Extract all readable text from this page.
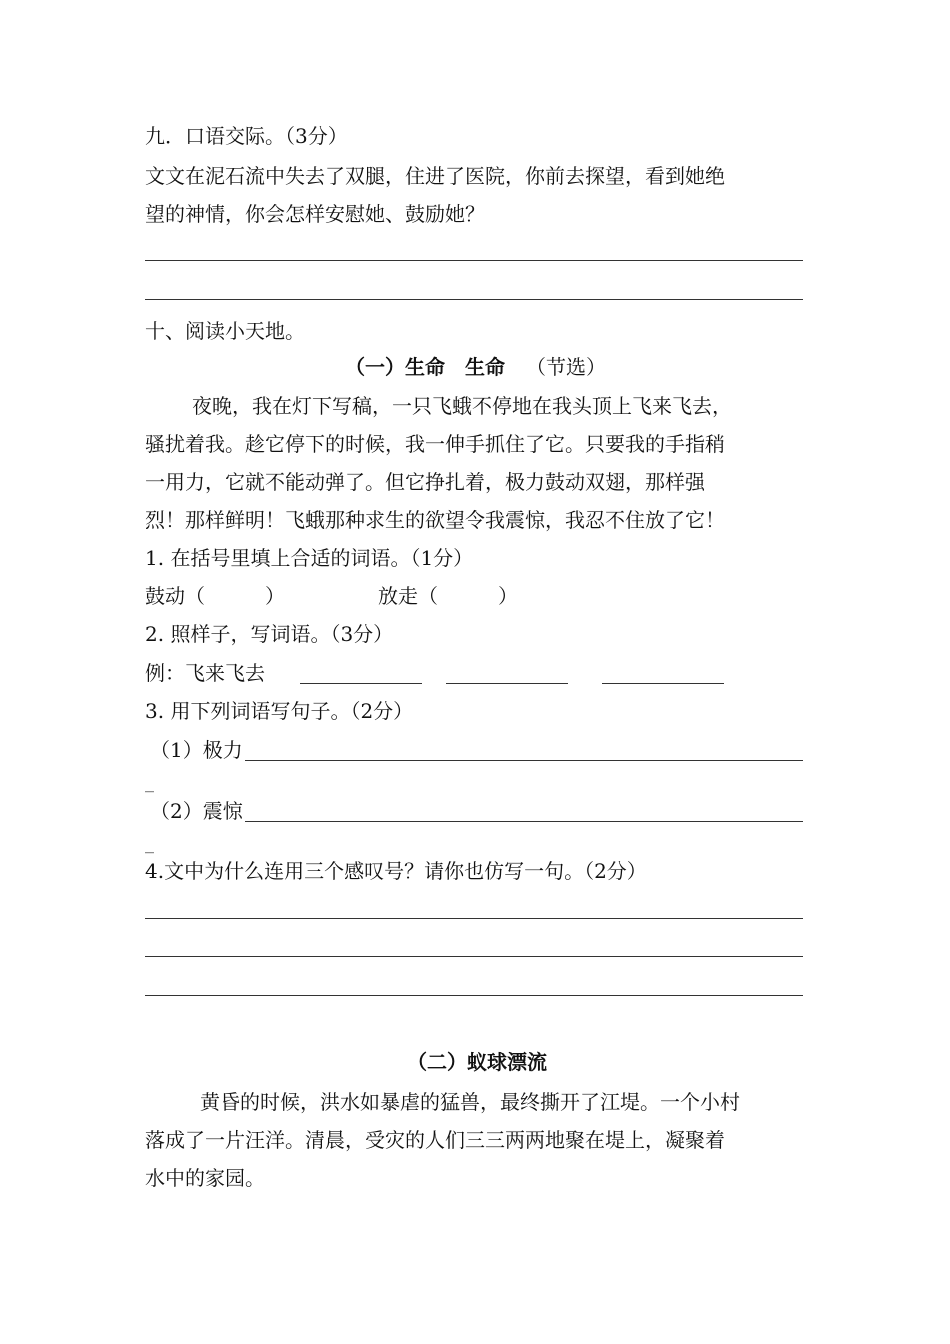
九．口语交际。（3分）
文文在泥石流中失去了双腿，住进了医院，你前去探望，看到她绝
望的神情，你会怎样安慰她、鼓励她？
十、阅读小天地。
（一）生命　生命 （节选）
夜晚，我在灯下写稿，一只飞蛾不停地在我头顶上飞来飞去，
骚扰着我。趁它停下的时候，我一伸手抓住了它。只要我的手指稍
一用力，它就不能动弹了。但它挣扎着，极力鼓动双翅，那样强
烈！那样鲜明！飞蛾那种求生的欲望令我震惊，我忍不住放了它！
1. 在括号里填上合适的词语。（1分）
鼓动（　　　）	放走（　　　）
2. 照样子，写词语。（3分）
例：飞来飞去
3. 用下列词语写句子。（2分）
（1）极力
_
（2）震惊
_
4.文中为什么连用三个感叹号？请你也仿写一句。（2分）
（二）蚁球漂流
黄昏的时候，洪水如暴虐的猛兽，最终撕开了江堤。一个小村
落成了一片汪洋。清晨，受灾的人们三三两两地聚在堤上，凝聚着
水中的家园。
